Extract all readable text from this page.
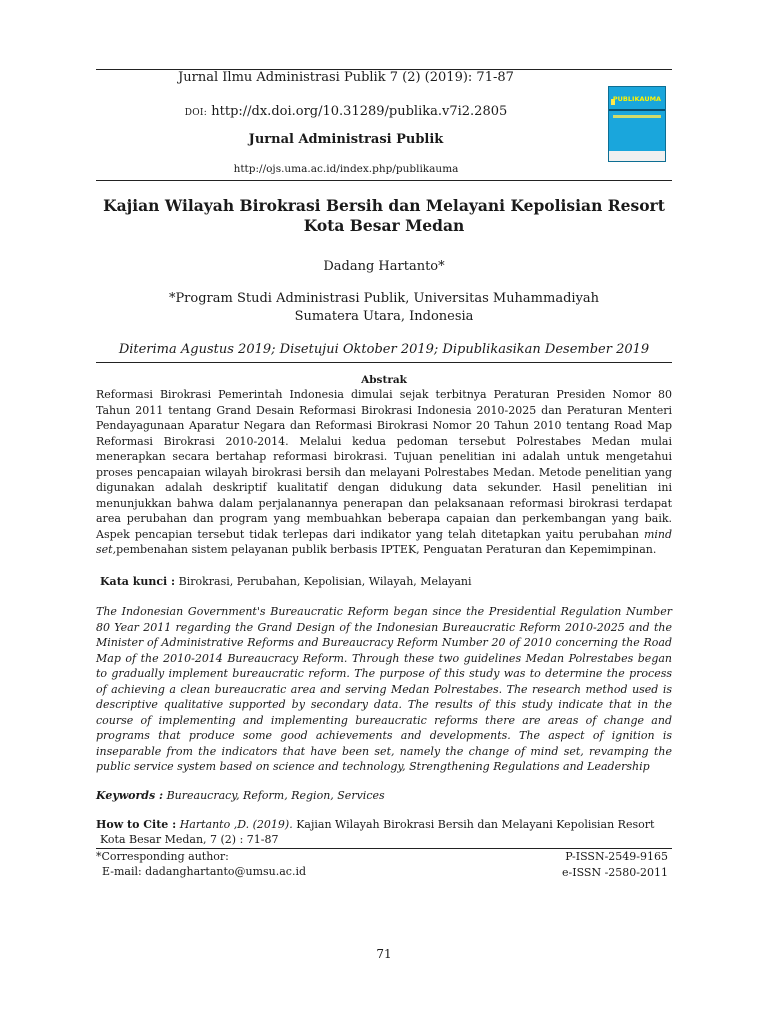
Jurnal Ilmu Administrasi Publik 7 (2) (2019): 71-87
DOI: http://dx.doi.org/10.31289/publika.v7i2.2805
Jurnal Administrasi Publik
http://ojs.uma.ac.id/index.php/publikauma
PUBLIKAUMA
Kajian Wilayah Birokrasi Bersih dan Melayani Kepolisian Resort
Kota Besar Medan
Dadang Hartanto*
*Program Studi Administrasi Publik, Universitas Muhammadiyah
Sumatera Utara, Indonesia
Diterima Agustus 2019; Disetujui Oktober 2019; Dipublikasikan Desember 2019
Abstrak

Reformasi Birokrasi Pemerintah Indonesia dimulai sejak terbitnya Peraturan Presiden Nomor 80 Tahun 2011 tentang Grand Desain Reformasi Birokrasi Indonesia 2010-2025 dan Peraturan Menteri Pendayagunaan Aparatur Negara dan Reformasi Birokrasi Nomor 20 Tahun 2010 tentang Road Map Reformasi Birokrasi 2010-2014. Melalui kedua pedoman tersebut Polrestabes Medan mulai menerapkan secara bertahap reformasi birokrasi. Tujuan penelitian ini adalah untuk mengetahui proses pencapaian wilayah birokrasi bersih dan melayani Polrestabes Medan. Metode penelitian yang digunakan adalah deskriptif kualitatif dengan didukung data sekunder. Hasil penelitian ini menunjukkan bahwa dalam perjalanannya penerapan dan pelaksanaan reformasi birokrasi terdapat area perubahan dan program yang membuahkan beberapa capaian dan perkembangan yang baik. Aspek pencapian tersebut tidak terlepas dari indikator yang telah ditetapkan yaitu perubahan mind set,pembenahan sistem pelayanan publik berbasis IPTEK, Penguatan Peraturan dan Kepemimpinan.

Kata kunci : Birokrasi, Perubahan, Kepolisian, Wilayah, Melayani

The Indonesian Government's Bureaucratic Reform began since the Presidential Regulation Number 80 Year 2011 regarding the Grand Design of the Indonesian Bureaucratic Reform 2010-2025 and the Minister of Administrative Reforms and Bureaucracy Reform Number 20 of 2010 concerning the Road Map of the 2010-2014 Bureaucracy Reform. Through these two guidelines Medan Polrestabes began to gradually implement bureaucratic reform. The purpose of this study was to determine the process of achieving a clean bureaucratic area and serving Medan Polrestabes. The research method used is descriptive qualitative supported by secondary data. The results of this study indicate that in the course of implementing and implementing bureaucratic reforms there are areas of change and programs that produce some good achievements and developments. The aspect of ignition is inseparable from the indicators that have been set, namely the change of mind set, revamping the public service system based on science and technology, Strengthening Regulations and Leadership

Keywords : Bureaucracy, Reform, Region, Services
How to Cite : Hartanto ,D. (2019). Kajian Wilayah Birokrasi Bersih dan Melayani Kepolisian Resort
Kota Besar Medan, 7 (2) : 71-87
*Corresponding author:
E-mail: dadanghartanto@umsu.ac.id
P-ISSN-2549-9165
e-ISSN -2580-2011
71
